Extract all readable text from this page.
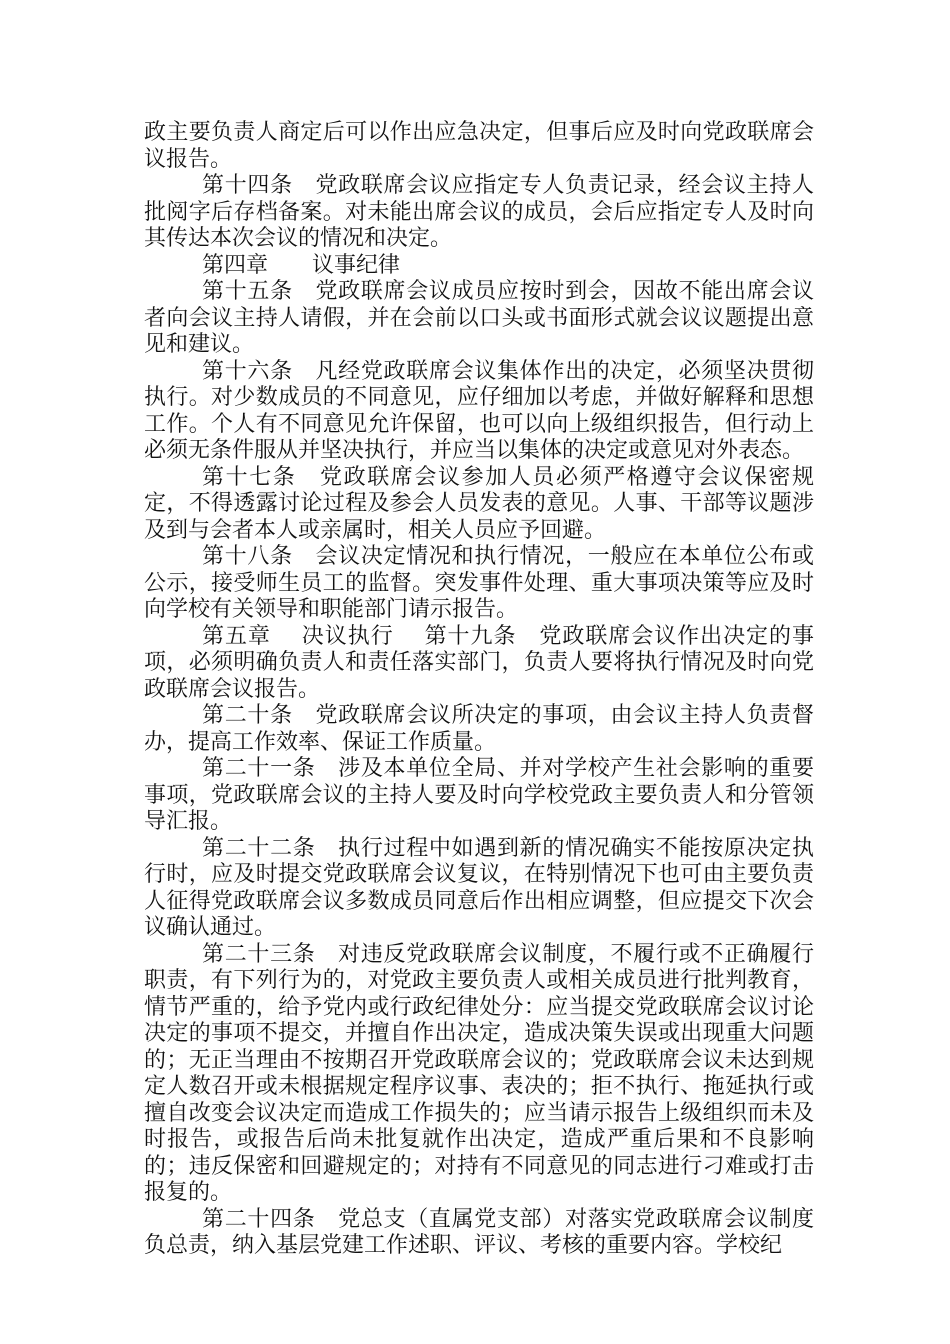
政主要负责人商定后可以作出应急决定，但事后应及时向党政联席会议报告。

第十四条　党政联席会议应指定专人负责记录，经会议主持人批阅字后存档备案。对未能出席会议的成员，会后应指定专人及时向其传达本次会议的情况和决定。

第四章　　议事纪律

第十五条　党政联席会议成员应按时到会，因故不能出席会议者向会议主持人请假，并在会前以口头或书面形式就会议议题提出意见和建议。

第十六条　凡经党政联席会议集体作出的决定，必须坚决贯彻执行。对少数成员的不同意见，应仔细加以考虑，并做好解释和思想工作。个人有不同意见允许保留，也可以向上级组织报告，但行动上必须无条件服从并坚决执行，并应当以集体的决定或意见对外表态。

第十七条　党政联席会议参加人员必须严格遵守会议保密规定，不得透露讨论过程及参会人员发表的意见。人事、干部等议题涉及到与会者本人或亲属时，相关人员应予回避。

第十八条　会议决定情况和执行情况，一般应在本单位公布或公示，接受师生员工的监督。突发事件处理、重大事项决策等应及时向学校有关领导和职能部门请示报告。

第五章　 决议执行　 第十九条　党政联席会议作出决定的事项，必须明确负责人和责任落实部门，负责人要将执行情况及时向党政联席会议报告。

第二十条　党政联席会议所决定的事项，由会议主持人负责督办，提高工作效率、保证工作质量。

第二十一条　涉及本单位全局、并对学校产生社会影响的重要事项，党政联席会议的主持人要及时向学校党政主要负责人和分管领导汇报。

第二十二条　执行过程中如遇到新的情况确实不能按原决定执行时，应及时提交党政联席会议复议，在特别情况下也可由主要负责人征得党政联席会议多数成员同意后作出相应调整，但应提交下次会议确认通过。

第二十三条　对违反党政联席会议制度，不履行或不正确履行职责，有下列行为的，对党政主要负责人或相关成员进行批判教育，情节严重的，给予党内或行政纪律处分：应当提交党政联席会议讨论决定的事项不提交，并擅自作出决定，造成决策失误或出现重大问题的；无正当理由不按期召开党政联席会议的；党政联席会议未达到规定人数召开或未根据规定程序议事、表决的；拒不执行、拖延执行或擅自改变会议决定而造成工作损失的；应当请示报告上级组织而未及时报告，或报告后尚未批复就作出决定，造成严重后果和不良影响的；违反保密和回避规定的；对持有不同意见的同志进行刁难或打击报复的。

第二十四条　党总支（直属党支部）对落实党政联席会议制度负总责，纳入基层党建工作述职、评议、考核的重要内容。学校纪
